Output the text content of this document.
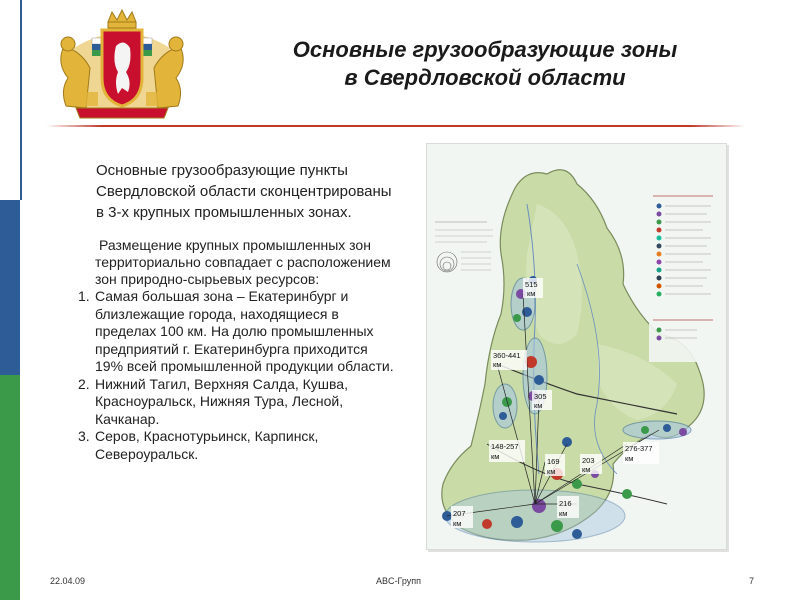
Основные грузообразующие зоны
в Свердловской области
Основные грузообразующие пункты Свердловской области сконцентрированы в 3-х крупных промышленных зонах.
Размещение крупных промышленных зон территориально совпадает с расположением зон природно-сырьевых ресурсов:
1. Самая большая зона – Екатеринбург и близлежащие города, находящиеся в пределах 100 км. На долю промышленных предприятий г. Екатеринбурга приходится 19% всей промышленной продукции области.
2. Нижний Тагил, Верхняя Салда, Кушва, Красноуральск, Нижняя Тура, Лесной, Качканар.
3. Серов, Краснотурьинск, Карпинск, Североуральск.
515
км
360-441
км
305
км
148-257
км
169
км
203
км
276-377
км
216
км
207
км
22.04.09	ABC-Групп	7
